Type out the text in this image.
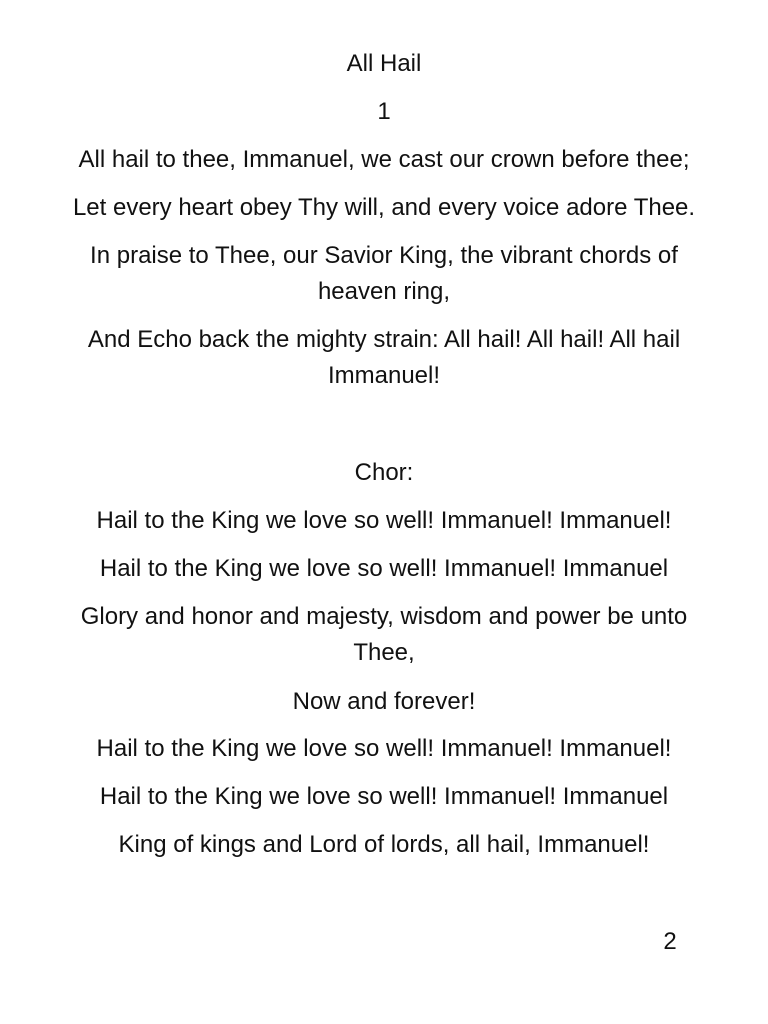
All Hail

1

All hail to thee, Immanuel, we cast our crown before thee;

Let every heart obey Thy will, and every voice adore Thee.

In praise to Thee, our Savior King, the vibrant chords of heaven ring,

And Echo back the mighty strain: All hail! All hail! All hail Immanuel!

Chor:

Hail to the King we love so well! Immanuel! Immanuel!

Hail to the King we love so well! Immanuel! Immanuel

Glory and honor and majesty, wisdom and power be unto Thee,

Now and forever!

Hail to the King we love so well! Immanuel! Immanuel!

Hail to the King we love so well! Immanuel! Immanuel

King of kings and Lord of lords, all hail, Immanuel!

2
